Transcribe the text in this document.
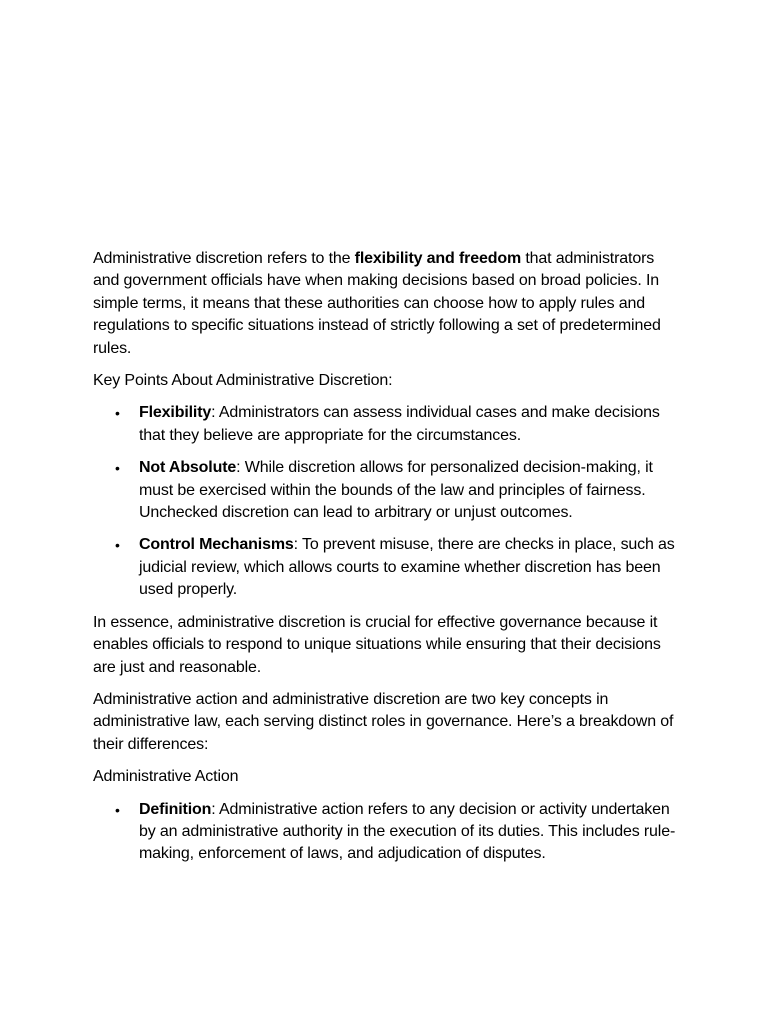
Administrative discretion refers to the flexibility and freedom that administrators and government officials have when making decisions based on broad policies. In simple terms, it means that these authorities can choose how to apply rules and regulations to specific situations instead of strictly following a set of predetermined rules.

Key Points About Administrative Discretion:

• Flexibility: Administrators can assess individual cases and make decisions that they believe are appropriate for the circumstances.
• Not Absolute: While discretion allows for personalized decision-making, it must be exercised within the bounds of the law and principles of fairness. Unchecked discretion can lead to arbitrary or unjust outcomes.
• Control Mechanisms: To prevent misuse, there are checks in place, such as judicial review, which allows courts to examine whether discretion has been used properly.

In essence, administrative discretion is crucial for effective governance because it enables officials to respond to unique situations while ensuring that their decisions are just and reasonable.

Administrative action and administrative discretion are two key concepts in administrative law, each serving distinct roles in governance. Here’s a breakdown of their differences:

Administrative Action

• Definition: Administrative action refers to any decision or activity undertaken by an administrative authority in the execution of its duties. This includes rule-making, enforcement of laws, and adjudication of disputes.
